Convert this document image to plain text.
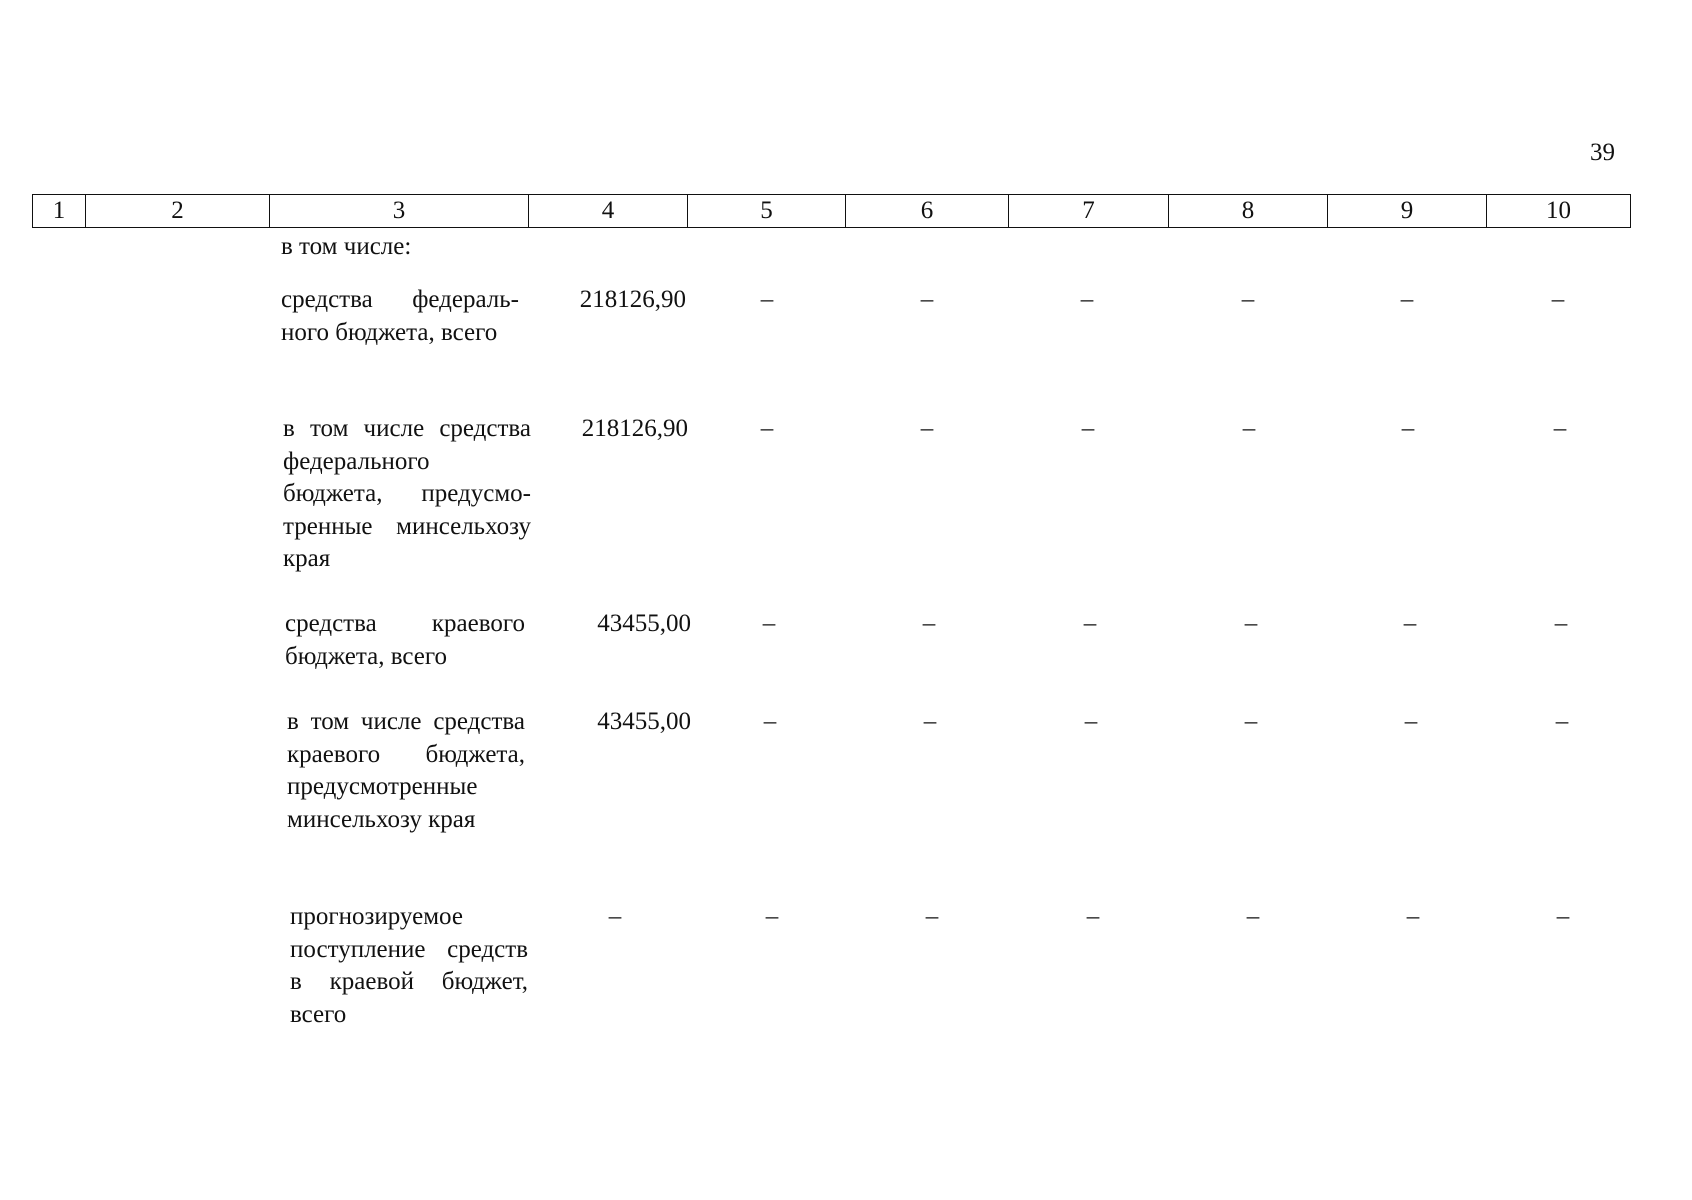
39
1	2	3	4	5	6	7	8	9	10
в том числе:
средства федерального бюджета, всего
218126,90	–	–	–	–	–	–
в том числе средства федерального бюджета, предусмотренные минсельхозу края
218126,90	–	–	–	–	–	–
средства краевого бюджета, всего
43455,00	–	–	–	–	–	–
в том числе средства краевого бюджета, предусмотренные минсельхозу края
43455,00	–	–	–	–	–	–
прогнозируемое поступление средств в краевой бюджет, всего
–	–	–	–	–	–	–
